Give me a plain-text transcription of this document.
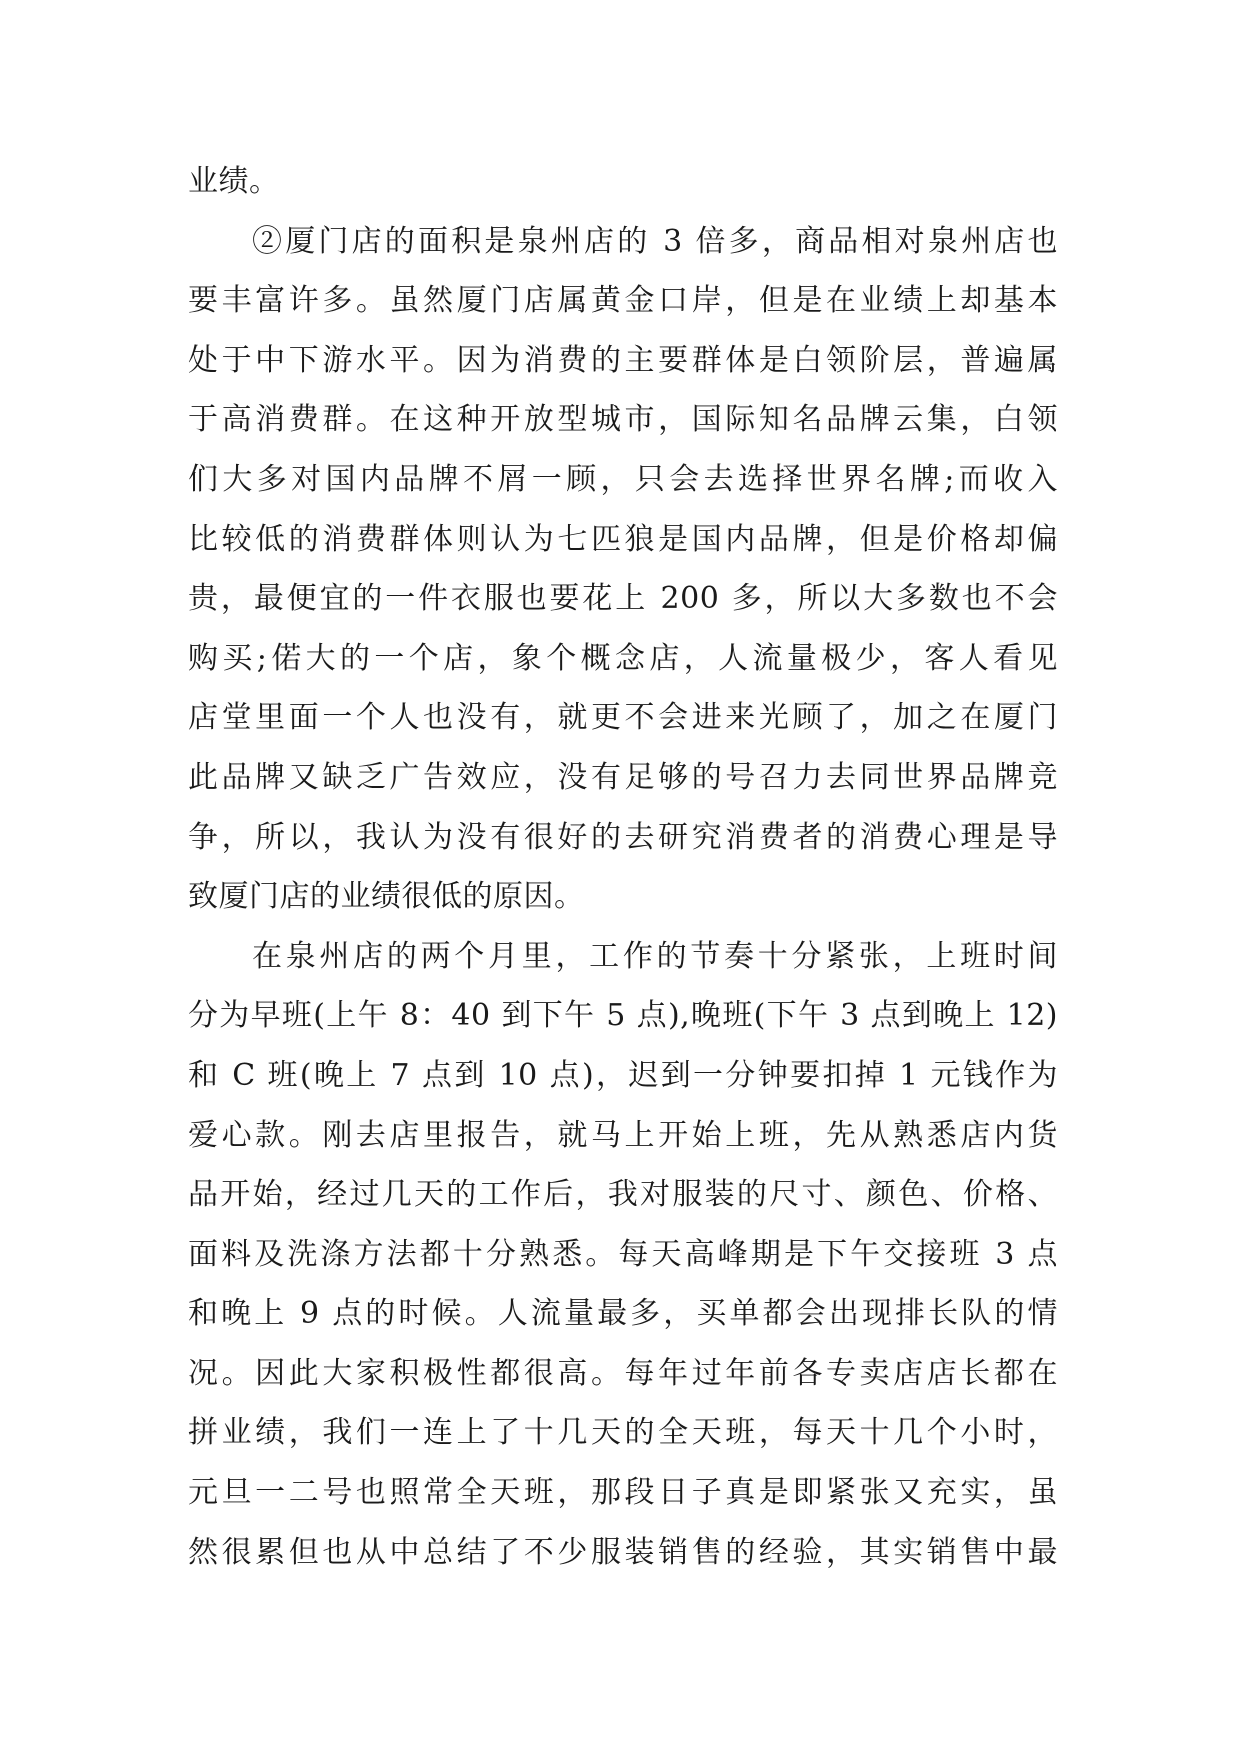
业绩。
②厦门店的面积是泉州店的 3 倍多，商品相对泉州店也
要丰富许多。虽然厦门店属黄金口岸，但是在业绩上却基本
处于中下游水平。因为消费的主要群体是白领阶层，普遍属
于高消费群。在这种开放型城市，国际知名品牌云集，白领
们大多对国内品牌不屑一顾，只会去选择世界名牌;而收入
比较低的消费群体则认为七匹狼是国内品牌，但是价格却偏
贵，最便宜的一件衣服也要花上 200 多，所以大多数也不会
购买;偌大的一个店，象个概念店，人流量极少，客人看见
店堂里面一个人也没有，就更不会进来光顾了，加之在厦门
此品牌又缺乏广告效应，没有足够的号召力去同世界品牌竞
争，所以，我认为没有很好的去研究消费者的消费心理是导
致厦门店的业绩很低的原因。
在泉州店的两个月里，工作的节奏十分紧张，上班时间
分为早班(上午 8：40 到下午 5 点),晚班(下午 3 点到晚上 12)
和 C 班(晚上 7 点到 10 点)，迟到一分钟要扣掉 1 元钱作为
爱心款。刚去店里报告，就马上开始上班，先从熟悉店内货
品开始，经过几天的工作后，我对服装的尺寸、颜色、价格、
面料及洗涤方法都十分熟悉。每天高峰期是下午交接班 3 点
和晚上 9 点的时候。人流量最多，买单都会出现排长队的情
况。因此大家积极性都很高。每年过年前各专卖店店长都在
拼业绩，我们一连上了十几天的全天班，每天十几个小时，
元旦一二号也照常全天班，那段日子真是即紧张又充实，虽
然很累但也从中总结了不少服装销售的经验，其实销售中最
